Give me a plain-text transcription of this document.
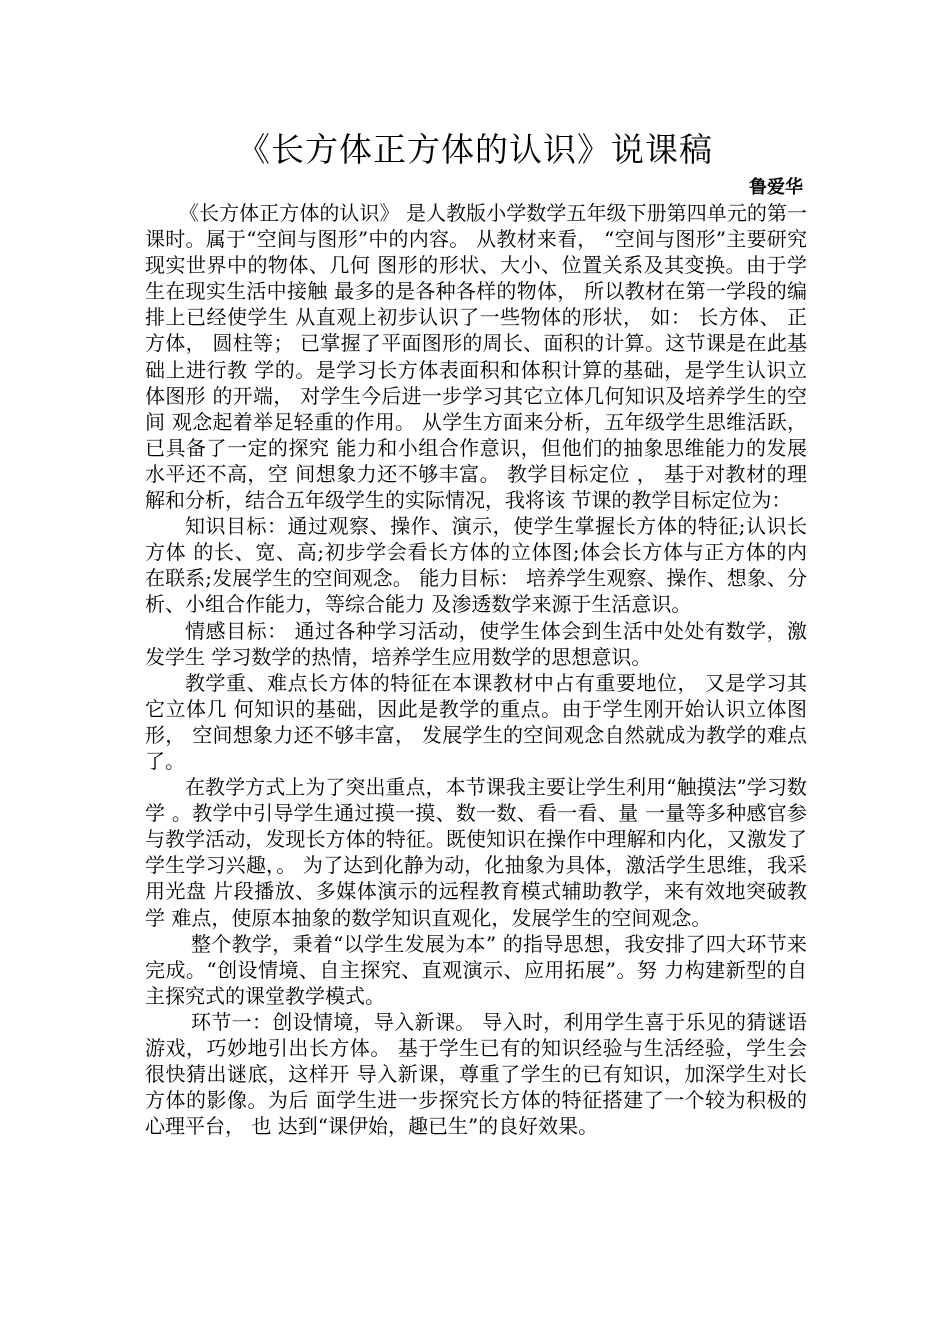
《长方体正方体的认识》说课稿
鲁爱华

《长方体正方体的认识》 是人教版小学数学五年级下册第四单元的第一课时。属于“空间与图形”中的内容。 从教材来看， “空间与图形”主要研究现实世界中的物体、几何 图形的形状、大小、位置关系及其变换。由于学生在现实生活中接触 最多的是各种各样的物体， 所以教材在第一学段的编排上已经使学生 从直观上初步认识了一些物体的形状， 如： 长方体、 正方体， 圆柱等； 已掌握了平面图形的周长、面积的计算。这节课是在此基础上进行教 学的。是学习长方体表面积和体积计算的基础，是学生认识立体图形 的开端， 对学生今后进一步学习其它立体几何知识及培养学生的空间 观念起着举足轻重的作用。 从学生方面来分析，五年级学生思维活跃，已具备了一定的探究 能力和小组合作意识，但他们的抽象思维能力的发展水平还不高，空 间想象力还不够丰富。 教学目标定位 ， 基于对教材的理解和分析，结合五年级学生的实际情况，我将该 节课的教学目标定位为：

知识目标：通过观察、操作、演示，使学生掌握长方体的特征;认识长方体 的长、宽、高;初步学会看长方体的立体图;体会长方体与正方体的内 在联系;发展学生的空间观念。 能力目标： 培养学生观察、操作、想象、分析、小组合作能力，等综合能力 及渗透数学来源于生活意识。

情感目标： 通过各种学习活动，使学生体会到生活中处处有数学，激发学生 学习数学的热情，培养学生应用数学的思想意识。

教学重、难点长方体的特征在本课教材中占有重要地位， 又是学习其它立体几 何知识的基础，因此是教学的重点。由于学生刚开始认识立体图形， 空间想象力还不够丰富， 发展学生的空间观念自然就成为教学的难点 了。

在教学方式上为了突出重点，本节课我主要让学生利用“触摸法”学习数学 。教学中引导学生通过摸一摸、数一数、看一看、量 一量等多种感官参与教学活动，发现长方体的特征。既使知识在操作中理解和内化，又激发了学生学习兴趣，。 为了达到化静为动，化抽象为具体，激活学生思维，我采用光盘 片段播放、多媒体演示的远程教育模式辅助教学，来有效地突破教学 难点，使原本抽象的数学知识直观化，发展学生的空间观念。

整个教学，秉着“以学生发展为本” 的指导思想，我安排了四大环节来完成。“创设情境、自主探究、直观演示、应用拓展”。努 力构建新型的自主探究式的课堂教学模式。

环节一：创设情境，导入新课。 导入时，利用学生喜于乐见的猜谜语游戏，巧妙地引出长方体。 基于学生已有的知识经验与生活经验，学生会很快猜出谜底，这样开 导入新课，尊重了学生的已有知识，加深学生对长方体的影像。为后 面学生进一步探究长方体的特征搭建了一个较为积极的心理平台， 也 达到“课伊始，趣已生”的良好效果。
